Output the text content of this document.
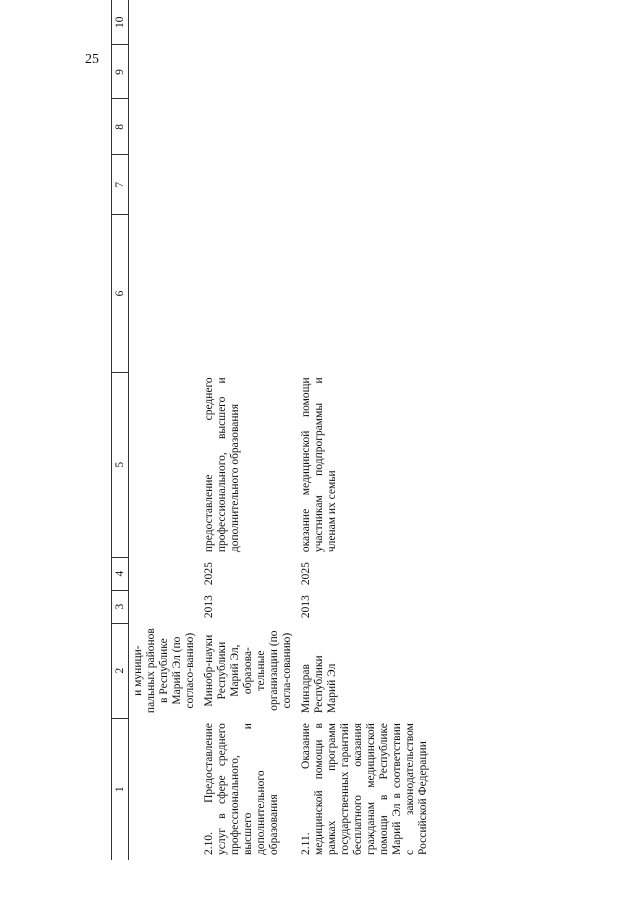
25
1	2	3	4	5	6	7	8	9	10
	и муници-пальных районов в Республике Марий Эл (по согласо-ванию)								
2.10. Предоставление услуг в сфере среднего профессионального, высшего и дополнительного образования	Минобр-науки Республики Марий Эл, образова-тельные организации (по согла-сованию)	2013	2025	предоставление среднего профессионального, высшего и дополнительного образования					
2.11. Оказание медицинской помощи в рамках программ государственных гарантий бесплатного оказания гражданам медицинской помощи в Республике Марий Эл в соответствии с законодательством Российской Федерации	Минздрав Республики Марий Эл	2013	2025	оказание медицинской помощи участникам подпрограммы и членам их семьи					
